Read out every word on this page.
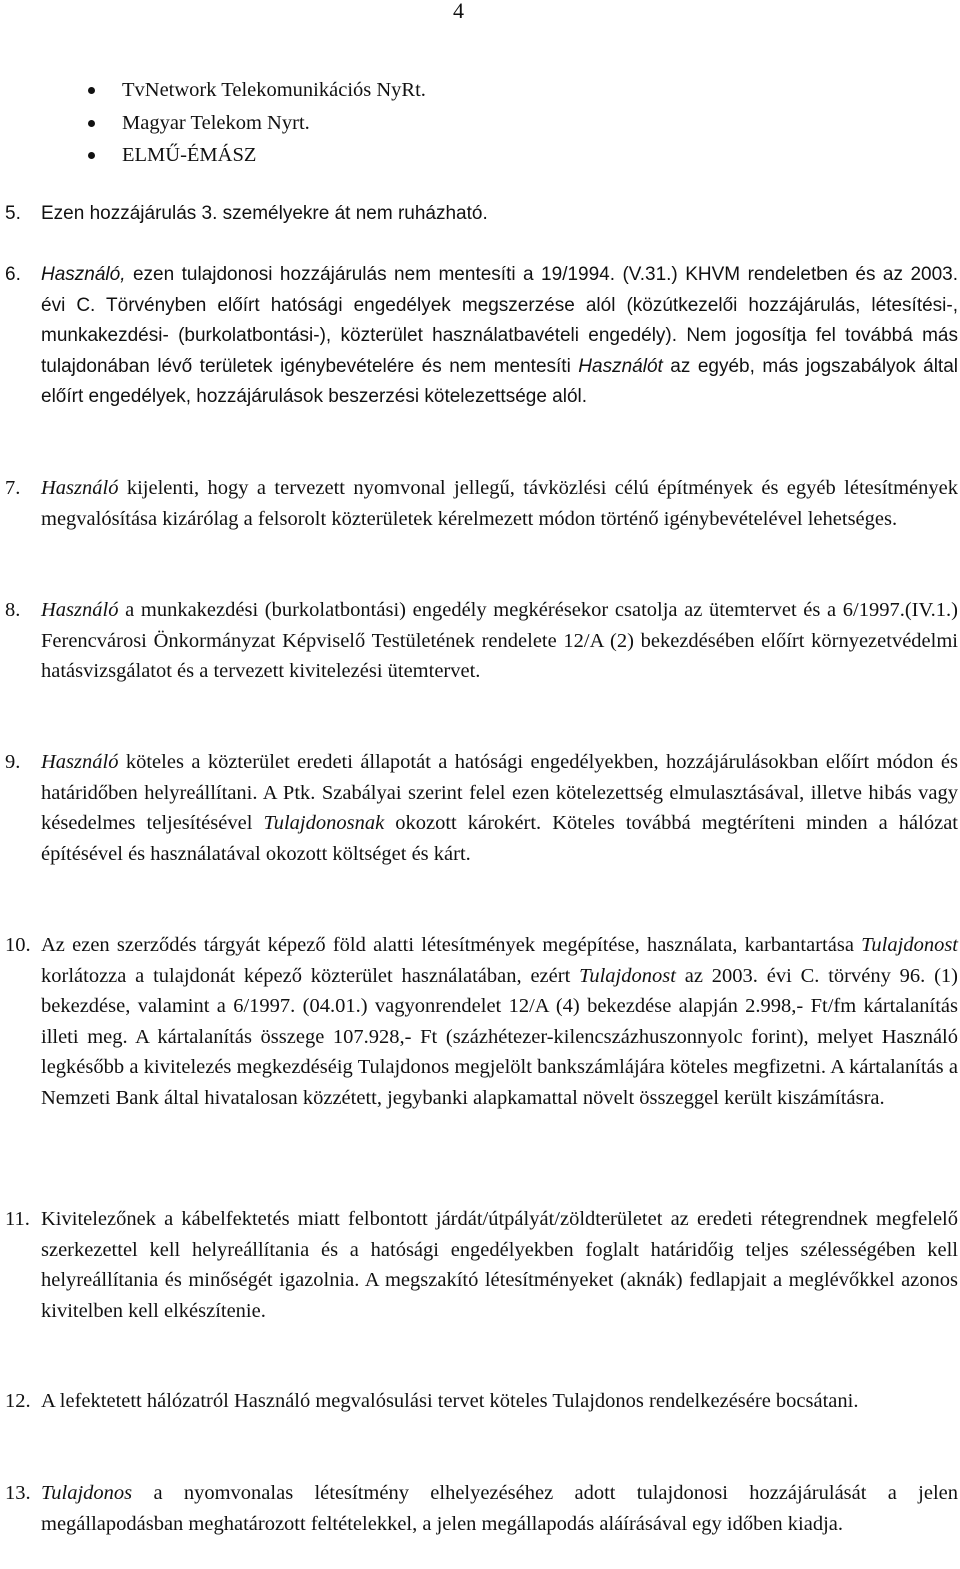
4
TvNetwork Telekomunikációs NyRt.
Magyar Telekom Nyrt.
ELMŰ-ÉMÁSZ
5. Ezen hozzájárulás 3. személyekre át nem ruházható.
6. Használó, ezen tulajdonosi hozzájárulás nem mentesíti a 19/1994. (V.31.) KHVM rendeletben és az 2003. évi C. Törvényben előírt hatósági engedélyek megszerzése alól (közútkezelői hozzájárulás, létesítési-, munkakezdési- (burkolatbontási-), közterület használatbavételi engedély). Nem jogosítja fel továbbá más tulajdonában lévő területek igénybevételére és nem mentesíti Használót az egyéb, más jogszabályok által előírt engedélyek, hozzájárulások beszerzési kötelezettsége alól.
7. Használó kijelenti, hogy a tervezett nyomvonal jellegű, távközlési célú építmények és egyéb létesítmények megvalósítása kizárólag a felsorolt közterületek kérelmezett módon történő igénybevételével lehetséges.
8. Használó a munkakezdési (burkolatbontási) engedély megkérésekor csatolja az ütemtervet és a 6/1997.(IV.1.) Ferencvárosi Önkormányzat Képviselő Testületének rendelete 12/A (2) bekezdésében előírt környezetvédelmi hatásvizsgálatot és a tervezett kivitelezési ütemtervet.
9. Használó köteles a közterület eredeti állapotát a hatósági engedélyekben, hozzájárulásokban előírt módon és határidőben helyreállítani. A Ptk. Szabályai szerint felel ezen kötelezettség elmulasztásával, illetve hibás vagy késedelmes teljesítésével Tulajdonosnak okozott károkért. Köteles továbbá megtéríteni minden a hálózat építésével és használatával okozott költséget és kárt.
10. Az ezen szerződés tárgyát képező föld alatti létesítmények megépítése, használata, karbantartása Tulajdonost korlátozza a tulajdonát képező közterület használatában, ezért Tulajdonost az 2003. évi C. törvény 96. (1) bekezdése, valamint a 6/1997. (04.01.) vagyonrendelet 12/A (4) bekezdése alapján 2.998,- Ft/fm kártalanítás illeti meg. A kártalanítás összege 107.928,- Ft (százhétezer-kilencszázhuszonnyolc forint), melyet Használó legkésőbb a kivitelezés megkezdéséig Tulajdonos megjelölt bankszámlájára köteles megfizetni. A kártalanítás a Nemzeti Bank által hivatalosan közzétett, jegybanki alapkamattal növelt összeggel került kiszámításra.
11. Kivitelezőnek a kábelfektetés miatt felbontott járdát/útpályát/zöldterületet az eredeti rétegrendnek megfelelő szerkezettel kell helyreállítania és a hatósági engedélyekben foglalt határidőig teljes szélességében kell helyreállítania és minőségét igazolnia. A megszakító létesítményeket (aknák) fedlapjait a meglévőkkel azonos kivitelben kell elkészítenie.
12. A lefektetett hálózatról Használó megvalósulási tervet köteles Tulajdonos rendelkezésére bocsátani.
13. Tulajdonos a nyomvonalas létesítmény elhelyezéséhez adott tulajdonosi hozzájárulását a jelen megállapodásban meghatározott feltételekkel, a jelen megállapodás aláírásával egy időben kiadja.
